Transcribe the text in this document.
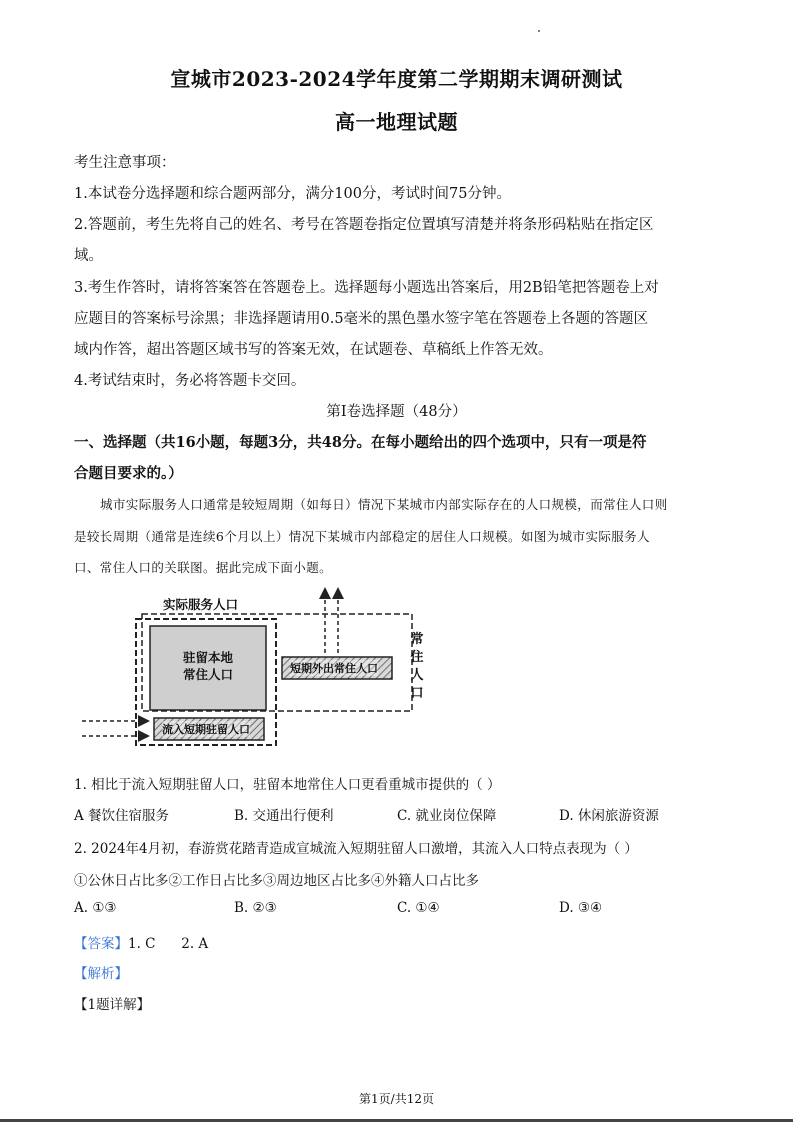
宣城市2023-2024学年度第二学期期末调研测试
高一地理试题
考生注意事项：
1.本试卷分选择题和综合题两部分，满分100分，考试时间75分钟。
2.答题前，考生先将自己的姓名、考号在答题卷指定位置填写清楚并将条形码粘贴在指定区
域。
3.考生作答时，请将答案答在答题卷上。选择题每小题选出答案后，用2B铅笔把答题卷上对
应题目的答案标号涂黑；非选择题请用0.5毫米的黑色墨水签字笔在答题卷上各题的答题区
域内作答，超出答题区域书写的答案无效，在试题卷、草稿纸上作答无效。
4.考试结束时，务必将答题卡交回。
第Ⅰ卷选择题（48分）
一、选择题（共16小题，每题3分，共48分。在每小题给出的四个选项中，只有一项是符
合题目要求的。）
城市实际服务人口通常是较短周期（如每日）情况下某城市内部实际存在的人口规模，而常住人口则
是较长周期（通常是连续6个月以上）情况下某城市内部稳定的居住人口规模。如图为城市实际服务人
口、常住人口的关联图。据此完成下面小题。
实际服务人口
常住人口
驻留本地
常住人口	短期外出常住人口
流入短期驻留人口
1. 相比于流入短期驻留人口，驻留本地常住人口更看重城市提供的（ ）
A 餐饮住宿服务	B. 交通出行便利	C. 就业岗位保障	D. 休闲旅游资源
2. 2024年4月初，春游赏花踏青造成宣城流入短期驻留人口激增，其流入人口特点表现为（ ）
①公休日占比多②工作日占比多③周边地区占比多④外籍人口占比多
A. ①③	B. ②③	C. ①④	D. ③④
【答案】1. C      2. A
【解析】
【1题详解】
第1页/共12页
